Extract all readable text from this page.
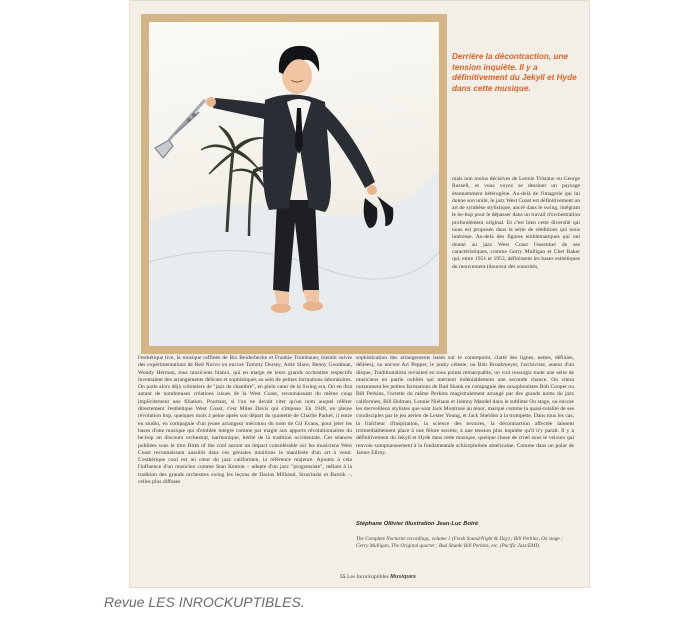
Derrière la décontraction, une tension inquiète. Il y a définitivement du Jekyll et Hyde dans cette musique.
mais non moins décisives de Lennie Tristano ou George Russell, et vous voyez se dessiner un paysage étonnamment hétérogène. Au-delà de l'imagerie qui lui donne son unité, le jazz West Coast est définitivement un art de synthèse stylistique, ancré dans le swing, intégrant le be-bop pour le dépasser dans un travail d'orchestration profondément original. Et c'est bien cette diversité qui nous est proposée dans la série de rééditions qui nous intéresse. Au-delà des figures emblématiques qui ont donné au jazz West Coast l'essentiel de ses caractéristiques, comme Gerry Mulligan et Chet Baker qui, entre 1951 et 1953, définissent les bases esthétiques du mouvement (douceur des sonorités,
l'esthétique live, la musique raffinée de Bix Beiderbecke et Frankie Trumbauer, bientôt suivie des expérimentations de Red Norvo ou encore Tommy Dorsey, Artie Shaw, Benny Goodman, Woody Herman, tous musiciens blancs, qui en marge de leurs grands orchestres respectifs inventaient des arrangements délicats et sophistiqués au sein de petites formations laboratoires. On parle alors déjà volontiers de "jazz de chambre", en plein cœur de la Swing era. On en dira autant de nombreuses créations issues de la West Coast, reconnaissant du même coup implicitement une filiation. Pourtant, si l'on ne devait citer qu'un nom auquel référer directement l'esthétique West Coast, c'est Miles Davis qui s'impose. En 1948, en pleine révolution bop, quelques mois à peine après son départ du quintette de Charlie Parker, il entre en studio, en compagnie d'un jeune arrangeur méconnu du nom de Gil Evans, pour jeter les bases d'une musique qui d'emblée intègre comme par magie aux apports révolutionnaires du be-bop un discours orchestral, harmonique, hérité de la tradition occidentale. Ces séances publiées sous le titre Birth of the cool auront un impact considérable sur les musiciens West Coast reconnaissant aussitôt dans ces géniales intuitions le manifeste d'un art à venir. L'esthétique cool est au cœur du jazz californien, la référence majeure. Ajoutez à cela l'influence d'un musicien comme Stan Kenton – adepte d'un jazz "progressiste", mêlant à la tradition des grands orchestres swing les leçons de Darius Milhaud, Stravinski et Bartók –, celles plus diffuses
sophistication des arrangements basés sur le contrepoint, clarté des lignes, nettes, définies, déliées), ou encore Art Pepper, le junky céleste, ou Bob Brookmeyer, l'archiviste, auteur d'un disque, Traditionalism revisited en tous points remarquable, on voit ressurgir toute une série de musiciens en partie oubliés qui méritent indéniablement une seconde chance. On citera notamment les petites formations de Bud Shank en compagnie des saxophonistes Bob Cooper ou Bill Perkins, l'octette du même Perkins magistralement arrangé par des grands noms du jazz californien, Bill Holman, Lennie Niehaus et Johnny Mandel dans le sublime On stage, ou encore les merveilleux stylistes que sont Jack Montrose au ténor, marqué comme la quasi-totalité de ses condisciples par le jeu aérien de Lester Young, et Jack Sheldon à la trompette. Dans tous les cas, la fraîcheur d'inspiration, la science des textures, la décontraction affectée laissent irrémédiablement place à une fêlure secrète, à une tension plus inquiète qu'il n'y paraît. Il y a définitivement du Jekyll et Hyde dans cette musique, quelque chose de cruel sous le velours qui renvoie somptueusement à la fondamentale schizophrénie américaine. Comme dans un polar de James Ellroy.
Stéphane Ollivier Illustration Jean-Luc Boiré
The Complete Nocturne recordings, volume 1 (Fresh Sound/Night & Day) ; Bill Perkins, On stage ; Gerry Mulligan, The Original quartet ; Bud Shank/ Bill Perkins, etc. (Pacific Jazz/EMI).
55 Les Inrockuptibles Musiques
Revue LES INROCKUPTIBLES.
